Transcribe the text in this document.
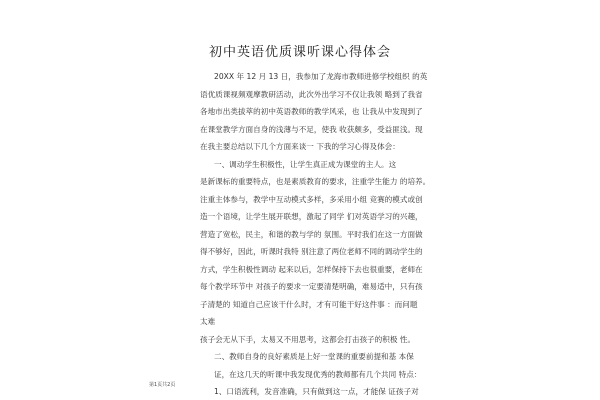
初中英语优质课听课心得体会
20XX 年 12 月 13 日，我参加了龙海市教师进修学校组织 的英
语优质课视频观摩教研活动，此次外出学习不仅让我领 略到了我省
各地市出类拔萃的初中英语教师的教学风采，也 让我从中发现到了
在课堂教学方面自身的浅薄与不足，使我 收获颇多，受益匪浅。现
在我主要总结以下几个方面来谈一 下我的学习心得及体会：
一、调动学生积极性，让学生真正成为课堂的主人。这
是新课标的重要特点，也是素质教育的要求，注重学生能力 的培养。
注重主体参与，教学中互动模式多样，多采用小组 竞赛的模式或创
造一个语境，让学生展开联想，激起了同学 们对英语学习的兴趣，
营造了宽松，民主，和谐的教与学的 氛围。平时我们在这一方面做
得不够好，因此，听课时我特 别注意了两位老师不同的调动学生的
方式，学生积极性调动 起来以后，怎样保持下去也很重要，老师在
每个教学环节中 对孩子的要求一定要清楚明确，难易适中，只有孩
子清楚的 知道自己应该干什么时，才有可能干好这件事 ：而问题
太难
孩子会无从下手，太易又不用思考，这都会打击孩子的积极 性。
二、教师自身的良好素质是上好一堂课的重要前提和基 本保
证，在这几天的听课中我发现优秀的教师都有几个共同 特点：
1、口语流利，发音准确，只有做到这一点，才能保 证孩子对
第1页共2页
